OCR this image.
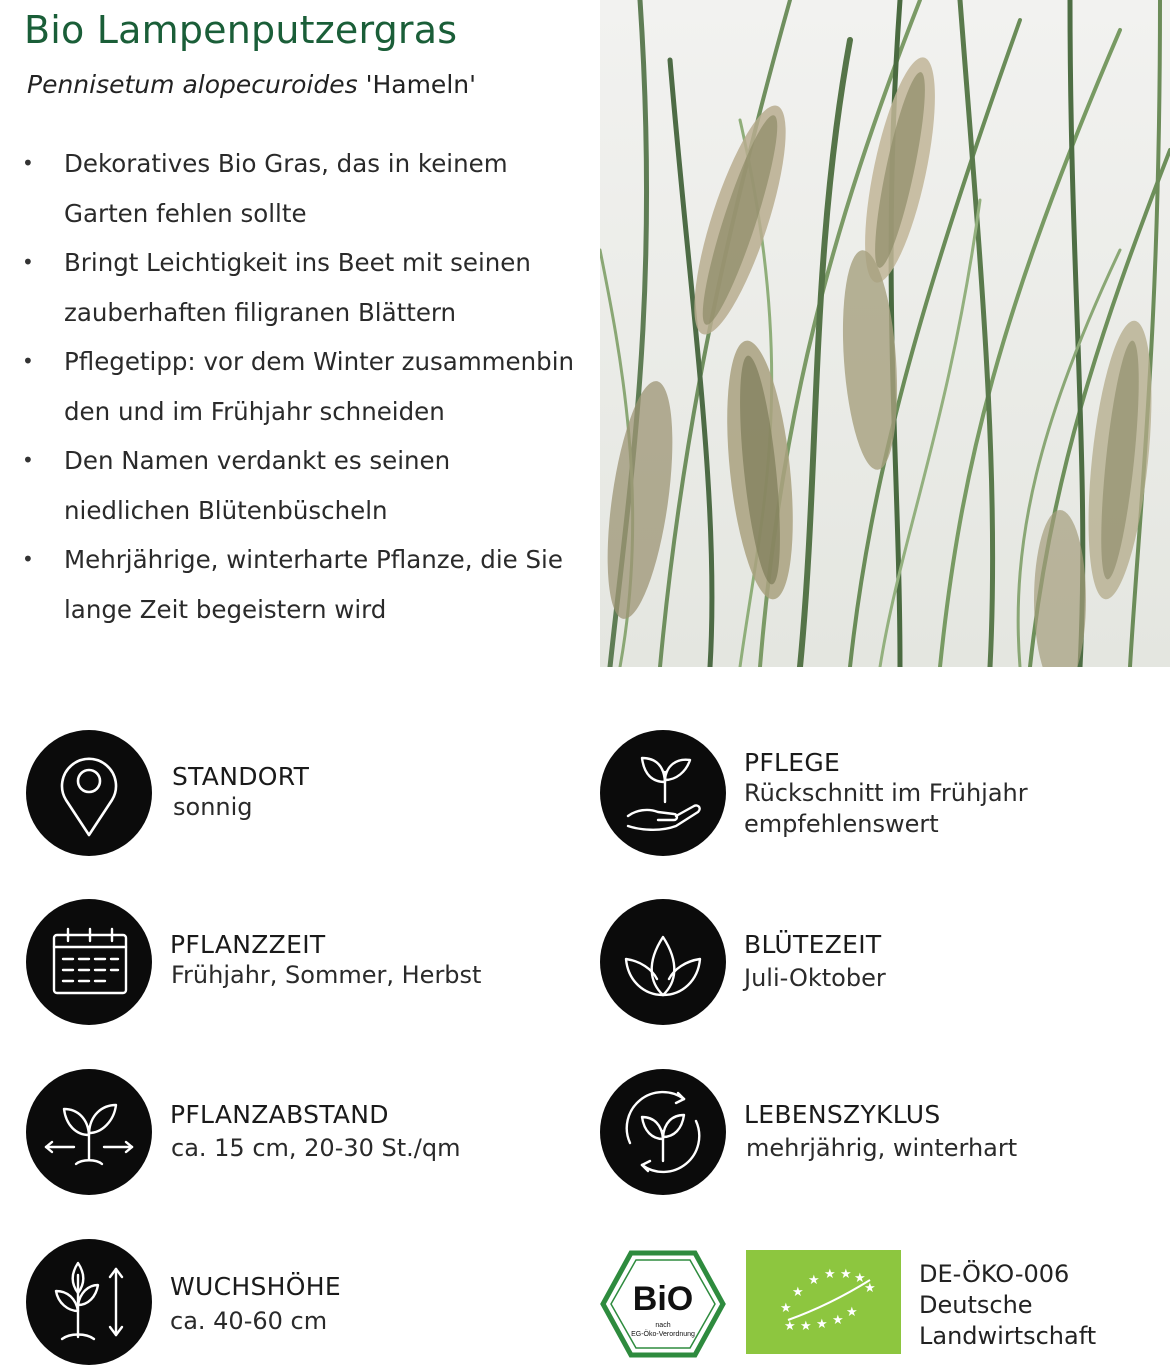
Bio Lampenputzergras
Pennisetum alopecuroides 'Hameln'
• Dekoratives Bio Gras, das in keinem
Garten fehlen sollte
• Bringt Leichtigkeit ins Beet mit seinen
zauberhaften filigranen Blättern
• Pflegetipp: vor dem Winter zusammenbin
den und im Frühjahr schneiden
• Den Namen verdankt es seinen
niedlichen Blütenbüscheln
• Mehrjährige, winterharte Pflanze, die Sie
lange Zeit begeistern wird
STANDORT
sonnig
PFLEGE
Rückschnitt im Frühjahr
empfehlenswert
PFLANZZEIT
Frühjahr, Sommer, Herbst
BLÜTEZEIT
Juli-Oktober
PFLANZABSTAND
ca. 15 cm, 20-30 St./qm
LEBENSZYKLUS
mehrjährig, winterhart
WUCHSHÖHE
ca. 40-60 cm
BiO
nach
EG-Öko-Verordnung
★ ★ ★ ★
★
★
★
★ ★ ★ ★
★
DE-ÖKO-006
Deutsche
Landwirtschaft
